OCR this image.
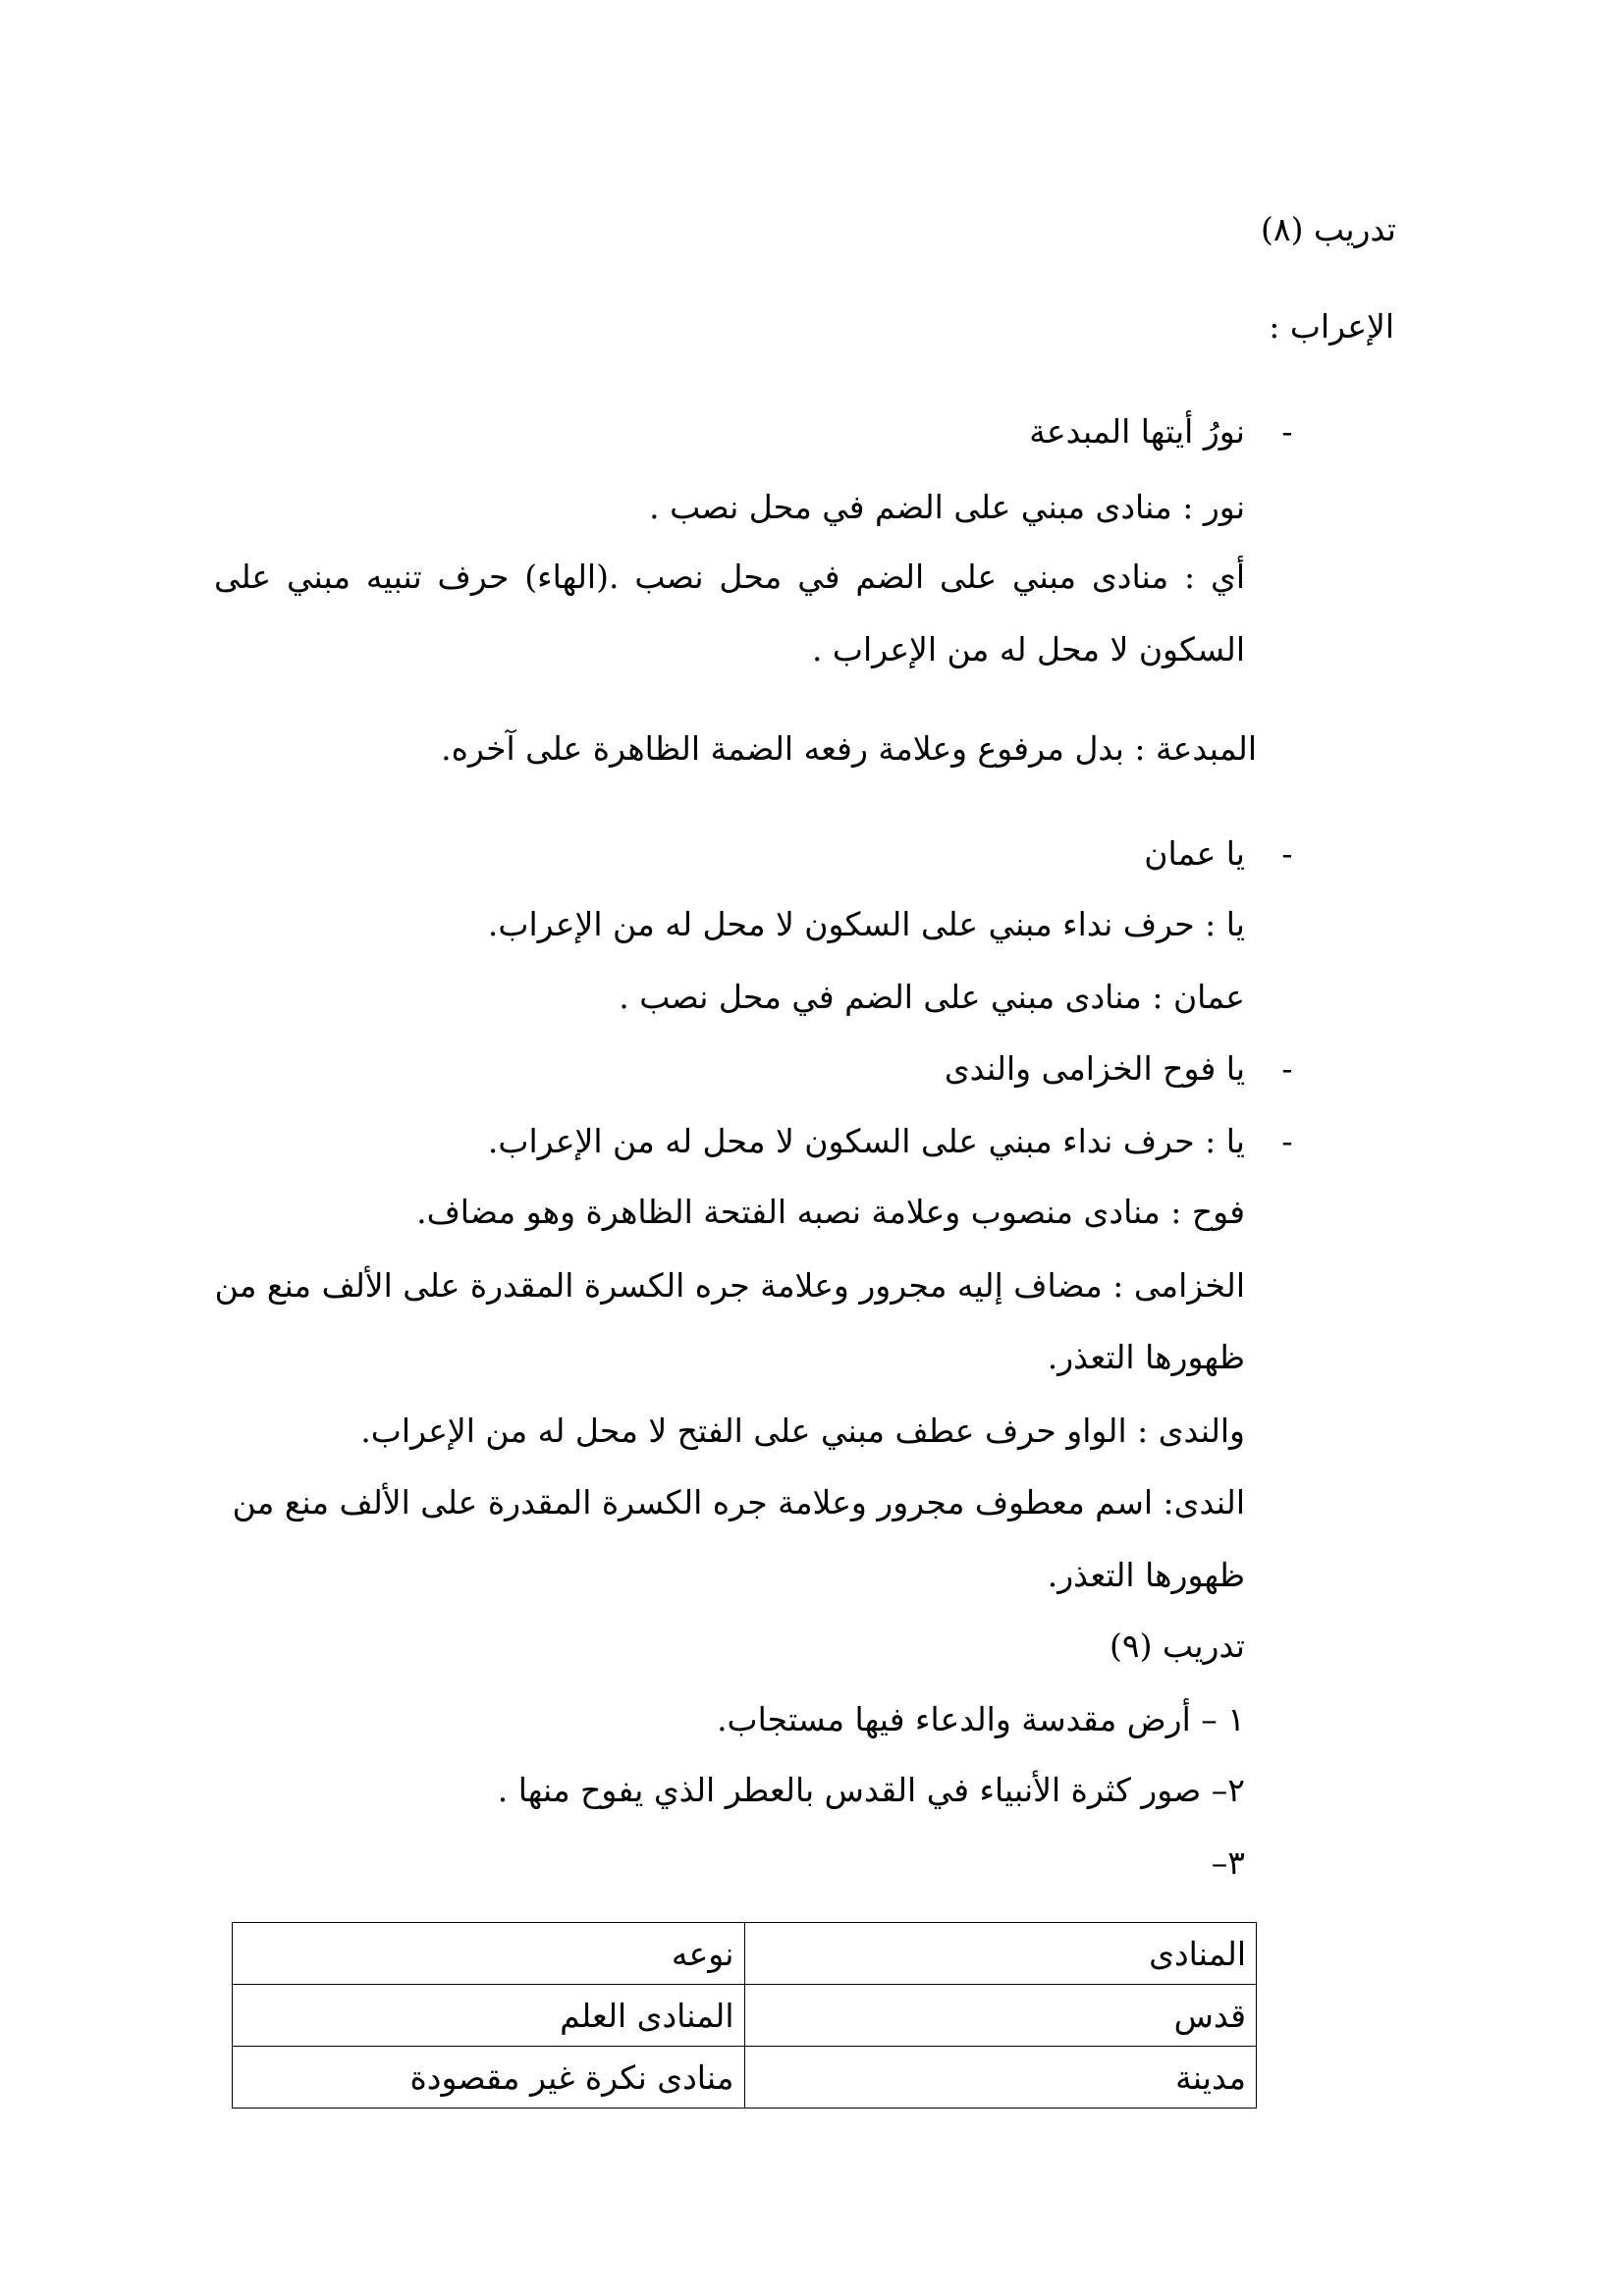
تدريب (٨)
الإعراب :
-
نورُ أيتها المبدعة
نور : منادى مبني على الضم في محل نصب .
أي : منادى مبني على الضم في محل نصب .(الهاء) حرف تنبيه مبني على
السكون لا محل له من الإعراب .
المبدعة : بدل مرفوع وعلامة رفعه الضمة الظاهرة على آخره.
-
يا عمان
يا : حرف نداء مبني على السكون لا محل له من الإعراب.
عمان : منادى مبني على الضم في محل نصب .
-
يا فوح الخزامى والندى
-
يا : حرف نداء مبني على السكون لا محل له من الإعراب.
فوح : منادى منصوب وعلامة نصبه الفتحة الظاهرة وهو مضاف.
الخزامى : مضاف إليه مجرور وعلامة جره الكسرة المقدرة على الألف منع من
ظهورها التعذر.
والندى : الواو حرف عطف مبني على الفتح لا محل له من الإعراب.
الندى: اسم معطوف مجرور وعلامة جره الكسرة المقدرة على الألف منع من
ظهورها التعذر.
تدريب (٩)
١ – أرض مقدسة والدعاء فيها مستجاب.
٢– صور كثرة الأنبياء في القدس بالعطر الذي يفوح منها .
٣–
المنادى	نوعه
قدس	المنادى العلم
مدينة	منادى نكرة غير مقصودة
